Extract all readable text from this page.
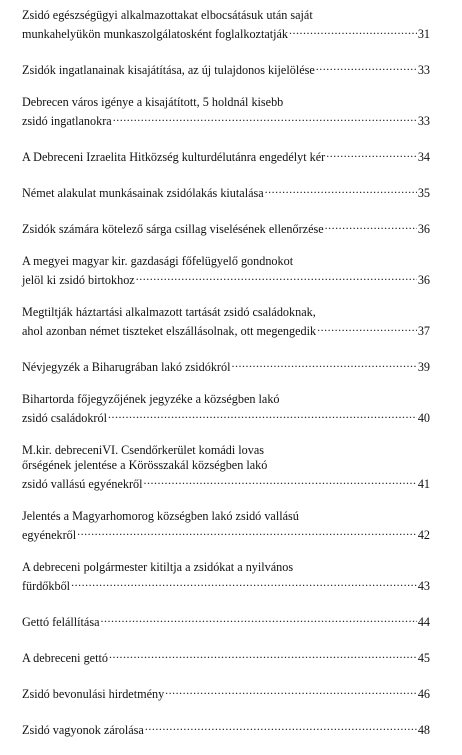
Zsidó egészségügyi alkalmazottakat elbocsátásuk után saját
munkahelyükön munkaszolgálatosként foglalkoztatják .....	31
Zsidók ingatlanainak kisajátítása, az új tulajdonos kijelölése .....	33
Debrecen város igénye a kisajátított, 5 holdnál kisebb
zsidó ingatlanokra .....	33
A Debreceni Izraelita Hitközség kulturdélutánra engedélyt kér .....	34
Német alakulat munkásainak zsidólakás kiutalása .....	35
Zsidók számára kötelező sárga csillag viselésének ellenőrzése .....	36
A megyei magyar kir. gazdasági főfelügyelő gondnokot
jelöl ki zsidó birtokhoz .....	36
Megtiltják háztartási alkalmazott tartását zsidó családoknak,
ahol azonban német tiszteket elszállásolnak, ott megengedik .....	37
Névjegyzék a Biharugrában lakó zsidókról .....	39
Bihartorda főjegyzőjének jegyzéke a községben lakó
zsidó családokról .....	40
M.kir. debreceniVI. Csendőrkerület komádi lovas
őrségének jelentése a Körösszakál községben lakó
zsidó vallású egyénekről .....	41
Jelentés a Magyarhomorog községben lakó zsidó vallású
egyénekről .....	42
A debreceni polgármester kitiltja a zsidókat a nyilvános
fürdőkből .....	43
Gettó felállítása .....	44
A debreceni gettó .....	45
Zsidó bevonulási hirdetmény .....	46
Zsidó vagyonok zárolása .....	48
